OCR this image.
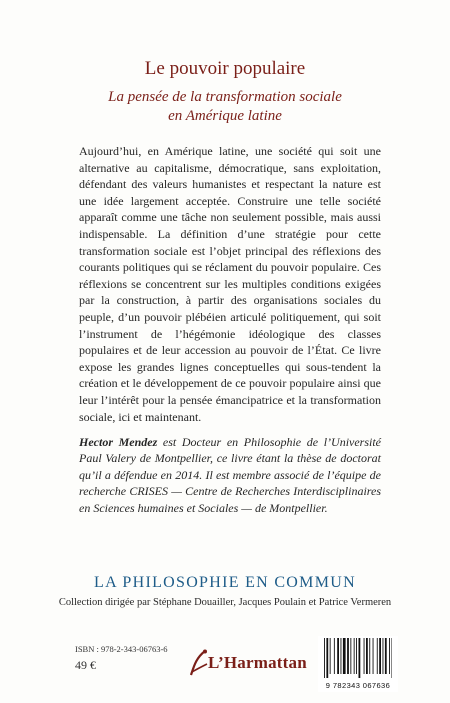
Le pouvoir populaire
La pensée de la transformation sociale
en Amérique latine
Aujourd’hui, en Amérique latine, une société qui soit une alternative au capitalisme, démocratique, sans exploitation, défendant des valeurs humanistes et respectant la nature est une idée largement acceptée. Construire une telle société apparaît comme une tâche non seulement possible, mais aussi indispensable. La définition d’une stratégie pour cette transformation sociale est l’objet principal des réflexions des courants politiques qui se réclament du pouvoir populaire. Ces réflexions se concentrent sur les multiples conditions exigées par la construction, à partir des organisations sociales du peuple, d’un pouvoir plébéien articulé politiquement, qui soit l’instrument de l’hégémonie idéologique des classes populaires et de leur accession au pouvoir de l’État. Ce livre expose les grandes lignes conceptuelles qui sous-tendent la création et le développement de ce pouvoir populaire ainsi que leur l’intérêt pour la pensée émancipatrice et la transformation sociale, ici et maintenant.
Hector Mendez est Docteur en Philosophie de l’Université Paul Valery de Montpellier, ce livre étant la thèse de doctorat qu’il a défendue en 2014. Il est membre associé de l’équipe de recherche CRISES — Centre de Recherches Interdisciplinaires en Sciences humaines et Sociales — de Montpellier.
LA PHILOSOPHIE EN COMMUN
Collection dirigée par Stéphane Douailler, Jacques Poulain et Patrice Vermeren
ISBN : 978-2-343-06763-6
49 €	L’Harmattan
9 782343 067636
